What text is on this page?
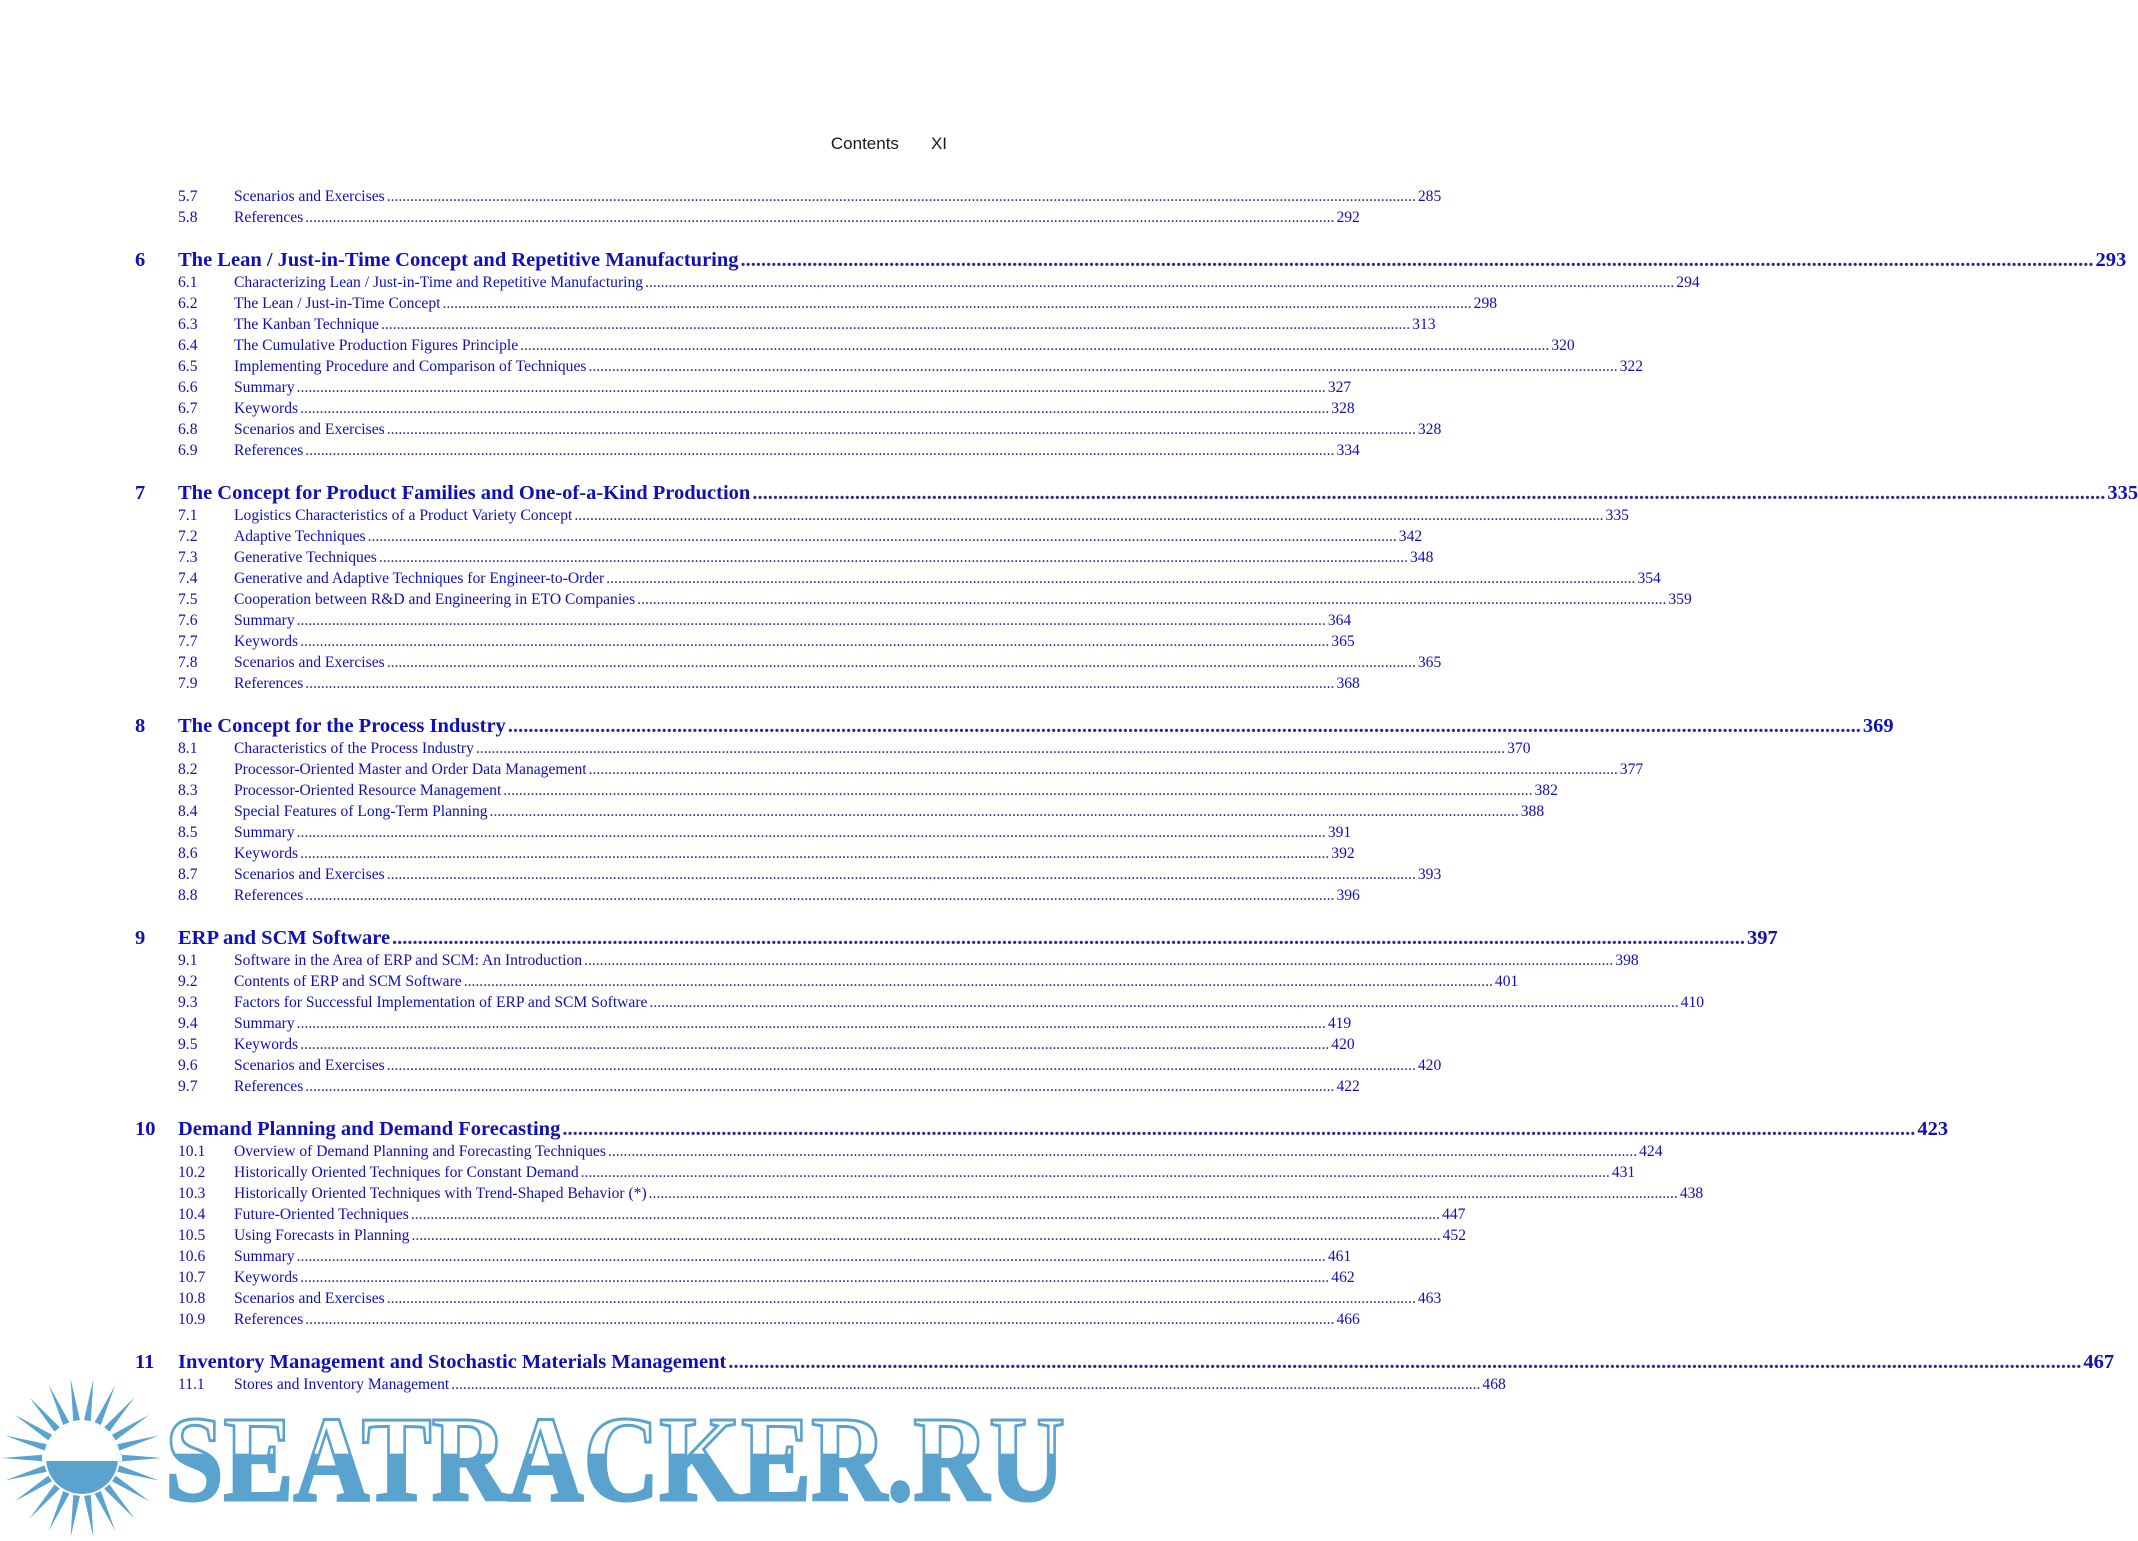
Contents XI
5.7 Scenarios and Exercises .....	285
5.8 References .....	292
6 The Lean / Just-in-Time Concept and Repetitive Manufacturing .....	293
6.1 Characterizing Lean / Just-in-Time and Repetitive Manufacturing .....	294
6.2 The Lean / Just-in-Time Concept .....	298
6.3 The Kanban Technique .....	313
6.4 The Cumulative Production Figures Principle .....	320
6.5 Implementing Procedure and Comparison of Techniques .....	322
6.6 Summary .....	327
6.7 Keywords .....	328
6.8 Scenarios and Exercises .....	328
6.9 References .....	334
7 The Concept for Product Families and One-of-a-Kind Production .....	335
7.1 Logistics Characteristics of a Product Variety Concept .....	335
7.2 Adaptive Techniques .....	342
7.3 Generative Techniques .....	348
7.4 Generative and Adaptive Techniques for Engineer-to-Order .....	354
7.5 Cooperation between R&D and Engineering in ETO Companies .....	359
7.6 Summary .....	364
7.7 Keywords .....	365
7.8 Scenarios and Exercises .....	365
7.9 References .....	368
8 The Concept for the Process Industry .....	369
8.1 Characteristics of the Process Industry .....	370
8.2 Processor-Oriented Master and Order Data Management .....	377
8.3 Processor-Oriented Resource Management .....	382
8.4 Special Features of Long-Term Planning .....	388
8.5 Summary .....	391
8.6 Keywords .....	392
8.7 Scenarios and Exercises .....	393
8.8 References .....	396
9 ERP and SCM Software .....	397
9.1 Software in the Area of ERP and SCM: An Introduction .....	398
9.2 Contents of ERP and SCM Software .....	401
9.3 Factors for Successful Implementation of ERP and SCM Software .....	410
9.4 Summary .....	419
9.5 Keywords .....	420
9.6 Scenarios and Exercises .....	420
9.7 References .....	422
10 Demand Planning and Demand Forecasting .....	423
10.1 Overview of Demand Planning and Forecasting Techniques .....	424
10.2 Historically Oriented Techniques for Constant Demand .....	431
10.3 Historically Oriented Techniques with Trend-Shaped Behavior (*) .....	438
10.4 Future-Oriented Techniques .....	447
10.5 Using Forecasts in Planning .....	452
10.6 Summary .....	461
10.7 Keywords .....	462
10.8 Scenarios and Exercises .....	463
10.9 References .....	466
11 Inventory Management and Stochastic Materials Management .....	467
11.1 Stores and Inventory Management .....	468
SEATRACKER.RU
